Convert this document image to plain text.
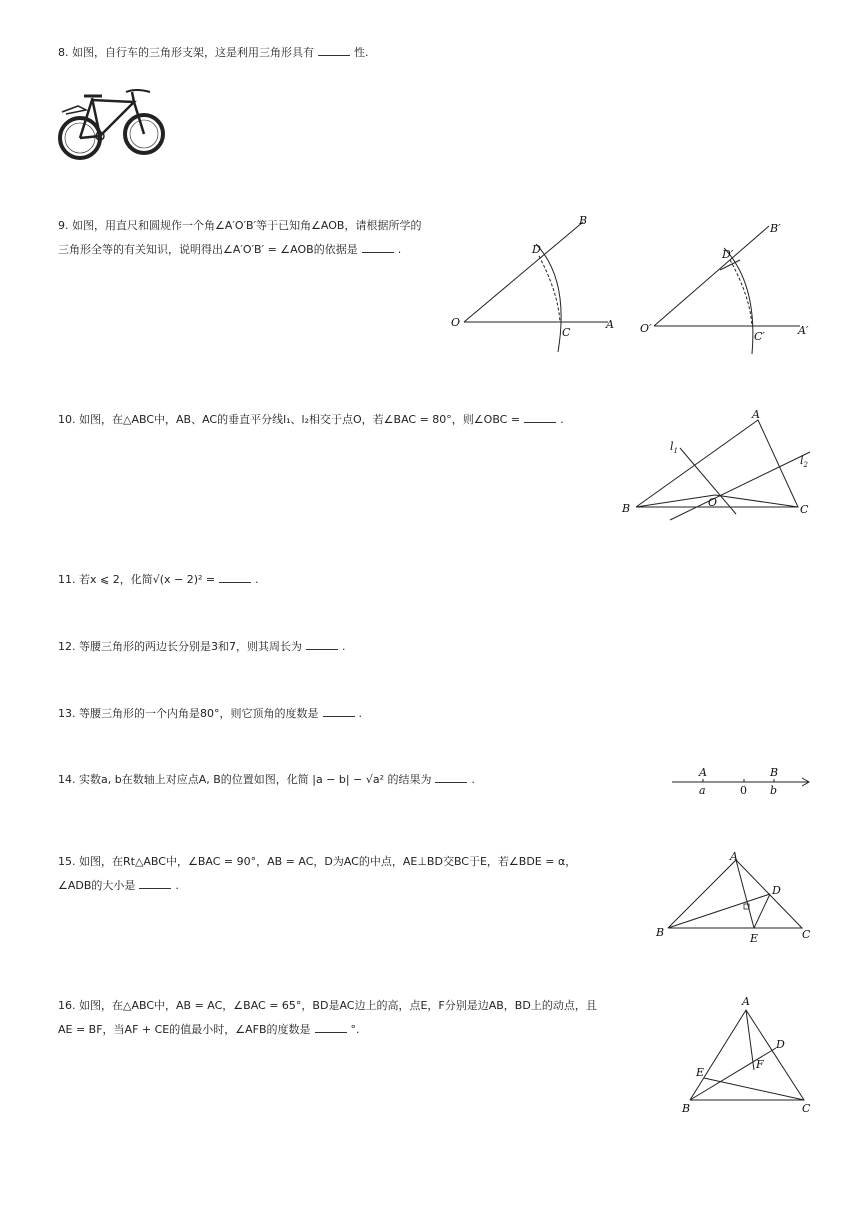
8. 如图，自行车的三角形支架，这是利用三角形具有	性.
9. 如图，用直尺和圆规作一个角∠A′O′B′等于已知角∠AOB，请根据所学的
三角形全等的有关知识，说明得出∠A′O′B′ = ∠AOB的依据是	.
O	A
B
C
D
O′	A′
B′
C′
D′
10. 如图，在△ABC中，AB、AC的垂直平分线l₁、l₂相交于点O，若∠BAC = 80°，则∠OBC =	.	A
B	C
O
$l_1$
$l_2$
11. 若x ⩽ 2，化简√(x − 2)² =	.
12. 等腰三角形的两边长分别是3和7，则其周长为	.
13. 等腰三角形的一个内角是80°，则它顶角的度数是	.
14. 实数a, b在数轴上对应点A, B的位置如图，化简 |a − b| − √a² 的结果为	.
A	B
a	0 b
15. 如图，在Rt△ABC中，∠BAC = 90°，AB = AC，D为AC的中点，AE⊥BD交BC于E，若∠BDE = α，
∠ADB的大小是	.
A
B	C
D
E
16. 如图，在△ABC中，AB = AC，∠BAC = 65°，BD是AC边上的高，点E，F分别是边AB，BD上的动点，且
AE = BF，当AF + CE的值最小时，∠AFB的度数是	°.
A
B	C
D
E
F
